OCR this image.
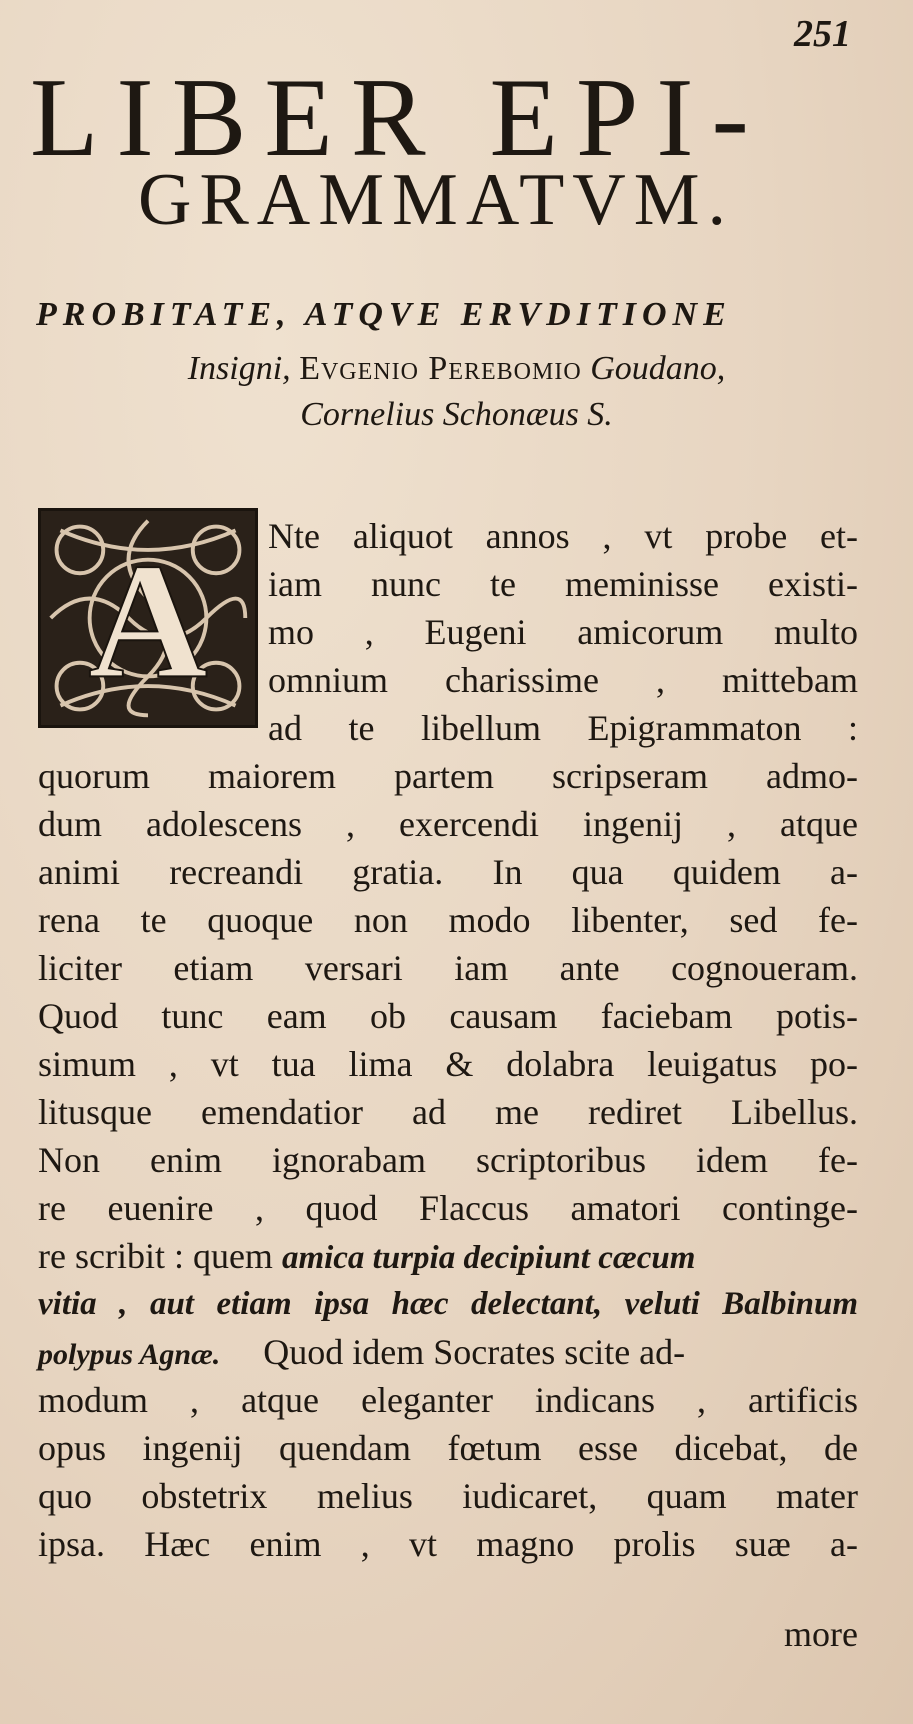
251
LIBER EPI-
GRAMMATVM.
PROBITATE, ATQVE ERVDITIONE
Insigni, Evgenio Perebomio Goudano,
Cornelius Schonæus S.
A Nte aliquot annos , vt probe et-
iam nunc te meminisse existi-
mo , Eugeni amicorum multo
omnium charissime , mittebam
ad te libellum Epigrammaton :
quorum maiorem partem scripseram admo-
dum adolescens , exercendi ingenij , atque
animi recreandi gratia. In qua quidem a-
rena te quoque non modo libenter, sed fe-
liciter etiam versari iam ante cognoueram.
Quod tunc eam ob causam faciebam potis-
simum , vt tua lima & dolabra leuigatus po-
litusque emendatior ad me rediret Libellus.
Non enim ignorabam scriptoribus idem fe-
re euenire , quod Flaccus amatori continge-
re scribit : quem amica turpia decipiunt cæcum
vitia , aut etiam ipsa hæc delectant, veluti Balbinum
polypus Agnæ. Quod idem Socrates scite ad-
modum , atque eleganter indicans , artificis
opus ingenij quendam fœtum esse dicebat, de
quo obstetrix melius iudicaret, quam mater
ipsa. Hæc enim , vt magno prolis suæ a-
more
